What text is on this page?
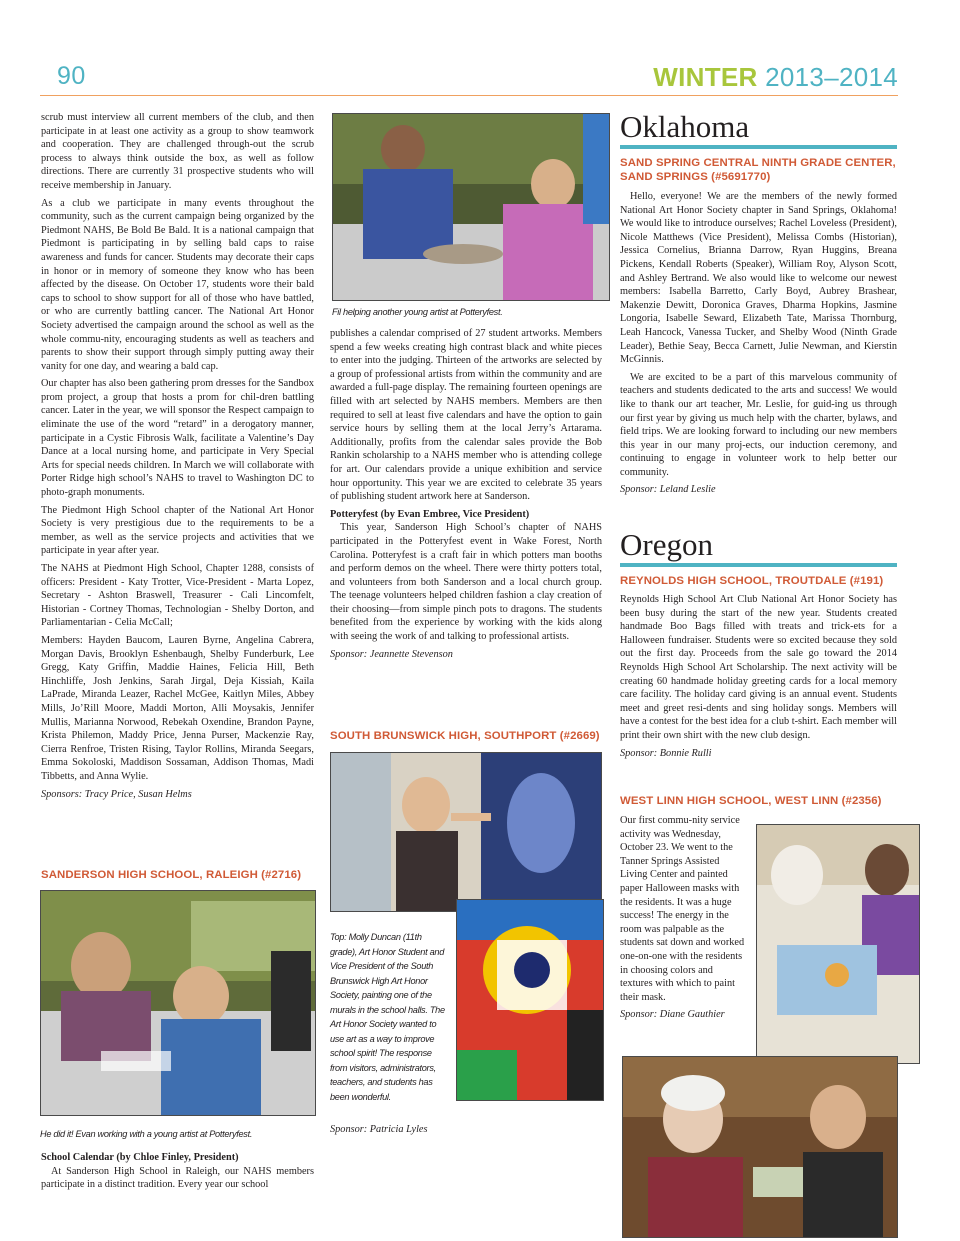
90	WINTER 2013–2014

scrub must interview all current members of the club, and then participate in at least one activity as a group to show teamwork and cooperation. They are challenged through-out the scrub process to always think outside the box, as well as follow directions. There are currently 31 prospective students who will receive membership in January.

As a club we participate in many events throughout the community, such as the current campaign being organized by the Piedmont NAHS, Be Bold Be Bald. It is a national campaign that Piedmont is participating in by selling bald caps to raise awareness and funds for cancer. Students may decorate their caps in honor or in memory of someone they know who has been affected by the disease. On October 17, students wore their bald caps to school to show support for all of those who have battled, or who are currently battling cancer. The National Art Honor Society advertised the campaign around the school as well as the whole commu-nity, encouraging students as well as teachers and parents to show their support through simply putting away their vanity for one day, and wearing a bald cap.

Our chapter has also been gathering prom dresses for the Sandbox prom project, a group that hosts a prom for chil-dren battling cancer. Later in the year, we will sponsor the Respect campaign to eliminate the use of the word “retard” in a derogatory manner, participate in a Cystic Fibrosis Walk, facilitate a Valentine’s Day Dance at a local nursing home, and participate in Very Special Arts for special needs children. In March we will collaborate with Porter Ridge high school’s NAHS to travel to Washington DC to photo-graph monuments.

The Piedmont High School chapter of the National Art Honor Society is very prestigious due to the requirements to be a member, as well as the service projects and activities that we participate in year after year.

The NAHS at Piedmont High School, Chapter 1288, consists of officers: President - Katy Trotter, Vice-President - Marta Lopez, Secretary - Ashton Braswell, Treasurer - Cali Lincomfelt, Historian - Cortney Thomas, Technologian - Shelby Dorton, and Parliamentarian - Celia McCall;

Members: Hayden Baucom, Lauren Byrne, Angelina Cabrera, Morgan Davis, Brooklyn Eshenbaugh, Shelby Funderburk, Lee Gregg, Katy Griffin, Maddie Haines, Felicia Hill, Beth Hinchliffe, Josh Jenkins, Sarah Jirgal, Deja Kissiah, Kaila LaPrade, Miranda Leazer, Rachel McGee, Kaitlyn Miles, Abbey Mills, Jo’Rill Moore, Maddi Morton, Alli Moysakis, Jennifer Mullis, Marianna Norwood, Rebekah Oxendine, Brandon Payne, Krista Philemon, Maddy Price, Jenna Purser, Mackenzie Ray, Cierra Renfroe, Tristen Rising, Taylor Rollins, Miranda Seegars, Emma Sokoloski, Maddison Sossaman, Addison Thomas, Madi Tibbetts, and Anna Wylie.

Sponsors: Tracy Price, Susan Helms
SANDERSON HIGH SCHOOL, RALEIGH (#2716)
He did it! Evan working with a young artist at Potteryfest.
School Calendar (by Chloe Finley, President)

At Sanderson High School in Raleigh, our NAHS members participate in a distinct tradition. Every year our school

Fil helping another young artist at Potteryfest.

publishes a calendar comprised of 27 student artworks. Members spend a few weeks creating high contrast black and white pieces to enter into the judging. Thirteen of the artworks are selected by a group of professional artists from within the community and are awarded a full-page display. The remaining fourteen openings are filled with art selected by NAHS members. Members are then required to sell at least five calendars and have the option to gain service hours by selling them at the local Jerry’s Artarama. Additionally, profits from the calendar sales provide the Bob Rankin scholarship to a NAHS member who is attending college for art. Our calendars provide a unique exhibition and service hour opportunity. This year we are excited to celebrate 35 years of publishing student artwork here at Sanderson.

Potteryfest (by Evan Embree, Vice President)

This year, Sanderson High School’s chapter of NAHS participated in the Potteryfest event in Wake Forest, North Carolina. Potteryfest is a craft fair in which potters man booths and perform demos on the wheel. There were thirty potters total, and volunteers from both Sanderson and a local church group. The teenage volunteers helped children fashion a clay creation of their choosing—from simple pinch pots to dragons. The students benefited from the experience by working with the kids along with seeing the work of and talking to professional artists.

Sponsor: Jeannette Stevenson
SOUTH BRUNSWICK HIGH, SOUTHPORT (#2669)
Top: Molly Duncan (11th grade), Art Honor Student and Vice President of the South Brunswick High Art Honor Society, painting one of the murals in the school halls. The Art Honor Society wanted to use art as a way to improve school spirit! The response from visitors, administrators, teachers, and students has been wonderful.
Sponsor: Patricia Lyles
Oklahoma
SAND SPRING CENTRAL NINTH GRADE CENTER,
SAND SPRINGS (#5691770)

Hello, everyone! We are the members of the newly formed National Art Honor Society chapter in Sand Springs, Oklahoma! We would like to introduce ourselves; Rachel Loveless (President), Nicole Matthews (Vice President), Melissa Combs (Historian), Jessica Cornelius, Brianna Darrow, Ryan Huggins, Breana Pickens, Kendall Roberts (Speaker), William Roy, Alyson Scott, and Ashley Bertrand. We also would like to welcome our newest members: Isabella Barretto, Carly Boyd, Aubrey Brashear, Makenzie Dewitt, Doronica Graves, Dharma Hopkins, Jasmine Longoria, Isabelle Seward, Elizabeth Tate, Marissa Thornburg, Leah Hancock, Vanessa Tucker, and Shelby Wood (Ninth Grade Leader), Bethie Seay, Becca Carnett, Julie Newman, and Kierstin McGinnis.

We are excited to be a part of this marvelous community of teachers and students dedicated to the arts and success! We would like to thank our art teacher, Mr. Leslie, for guid-ing us through our first year by giving us much help with the charter, bylaws, and field trips. We are looking forward to including our new members this year in our many proj-ects, our induction ceremony, and continuing to engage in volunteer work to help better our community.

Sponsor: Leland Leslie
Oregon
REYNOLDS HIGH SCHOOL, TROUTDALE (#191)

Reynolds High School Art Club National Art Honor Society has been busy during the start of the new year. Students created handmade Boo Bags filled with treats and trick-ets for a Halloween fundraiser. Students were so excited because they sold out the first day. Proceeds from the sale go toward the 2014 Reynolds High School Art Scholarship. The next activity will be creating 60 handmade holiday greeting cards for a local memory care facility. The holiday card giving is an annual event. Students meet and greet resi-dents and sing holiday songs. Members will have a contest for the best idea for a club t-shirt. Each member will print their own shirt with the new club design.

Sponsor: Bonnie Rulli
WEST LINN HIGH SCHOOL, WEST LINN (#2356)

Our first commu-nity service activity was Wednesday, October 23. We went to the Tanner Springs Assisted Living Center and painted paper Halloween masks with the residents. It was a huge success! The energy in the room was palpable as the students sat down and worked one-on-one with the residents in choosing colors and textures with which to paint their mask.

Sponsor: Diane Gauthier
